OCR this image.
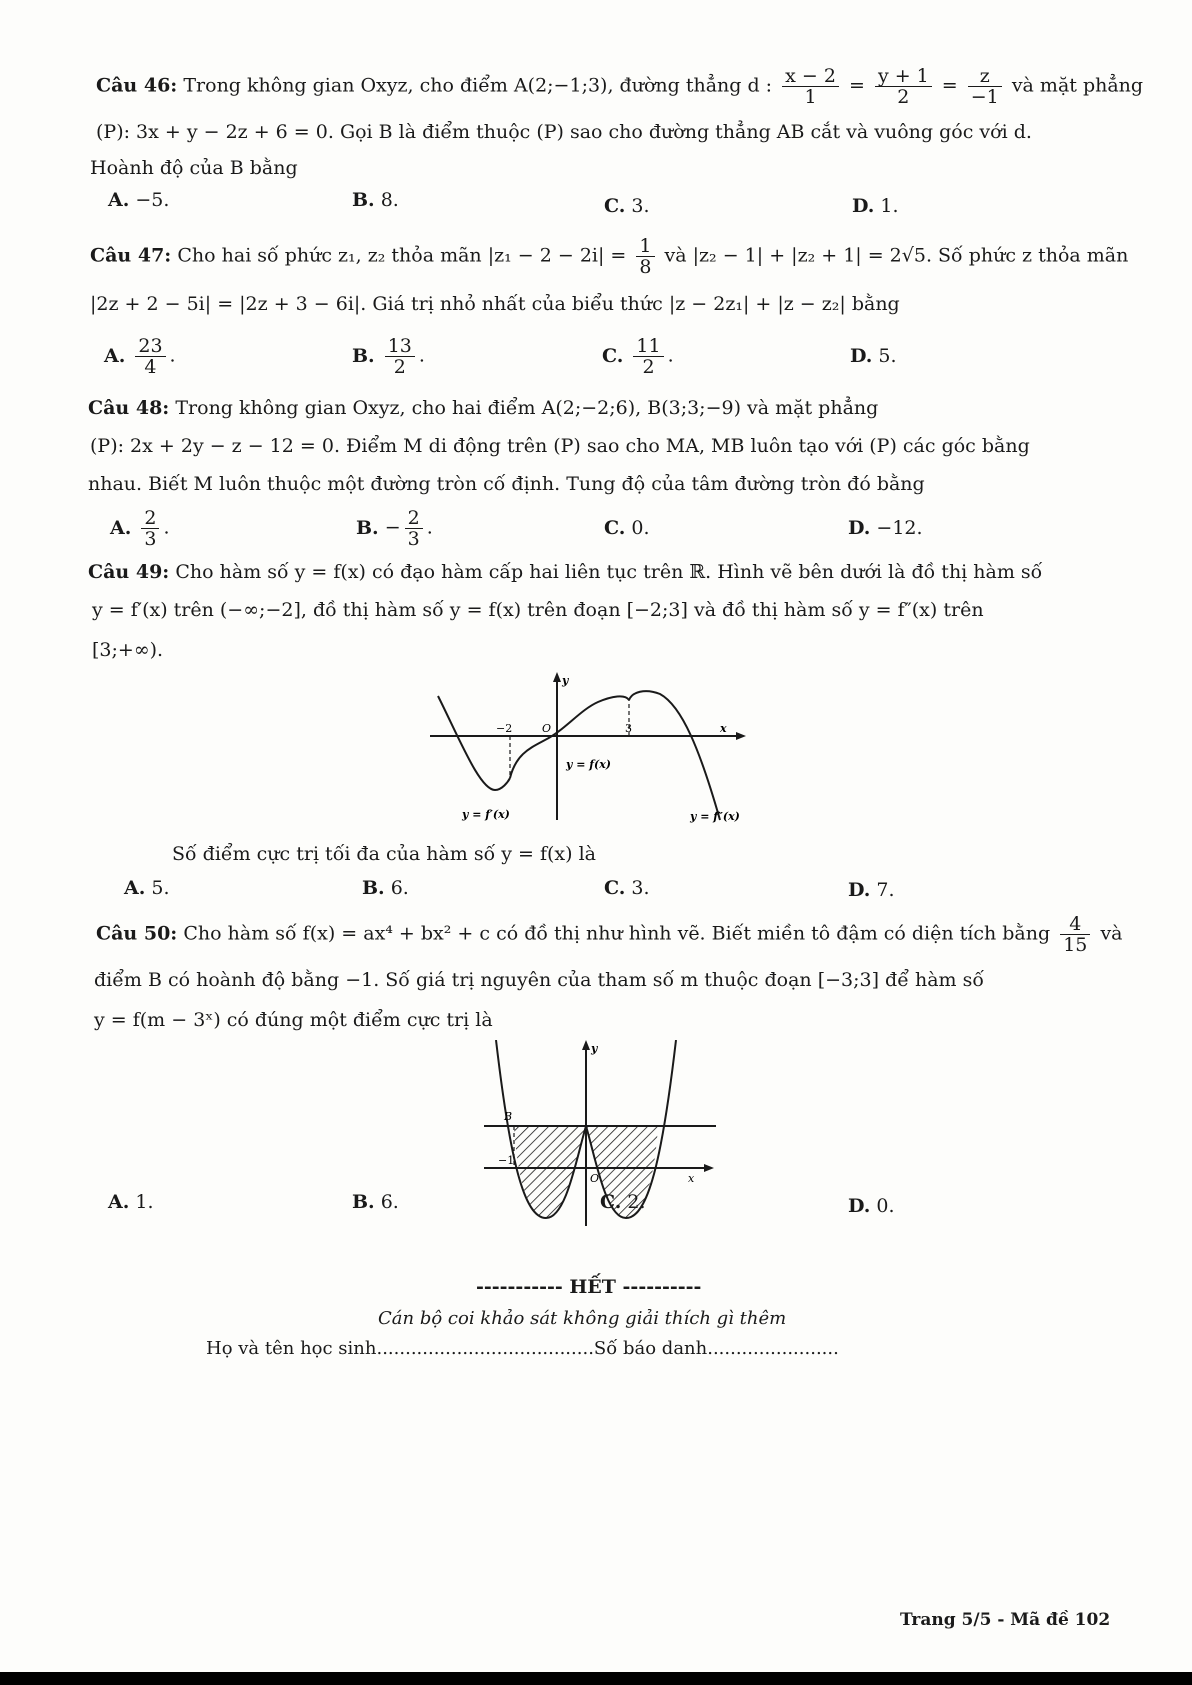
Câu 46: Trong không gian Oxyz, cho điểm A(2;−1;3), đường thẳng d : $\frac{x - 2}{1} = \frac{y + 1}{2} = \frac{z}{-1}$ và mặt phẳng
(P): 3x + y − 2z + 6 = 0. Gọi B là điểm thuộc (P) sao cho đường thẳng AB cắt và vuông góc với d.
Hoành độ của B bằng
A. −5.	B. 8.	C. 3.	D. 1.
Câu 47: Cho hai số phức z₁, z₂ thỏa mãn $|z_1 - 2 - 2i| = \frac{1}{8}$ và |z₂ − 1| + |z₂ + 1| = 2√5. Số phức z thỏa mãn
|2z + 2 − 5i| = |2z + 3 − 6i|. Giá trị nhỏ nhất của biểu thức |z − 2z₁| + |z − z₂| bằng
A. $\frac{23}{4}$ .	B. $\frac{13}{2}$ .	C. $\frac{11}{2}$ .	D. 5.
Câu 48: Trong không gian Oxyz, cho hai điểm A(2;−2;6), B(3;3;−9) và mặt phẳng
(P): 2x + 2y − z − 12 = 0. Điểm M di động trên (P) sao cho MA, MB luôn tạo với (P) các góc bằng
nhau. Biết M luôn thuộc một đường tròn cố định. Tung độ của tâm đường tròn đó bằng
A. $\frac{2}{3}$ .	B. − $\frac{2}{3}$ .	C. 0.	D. −12.
Câu 49: Cho hàm số y = f(x) có đạo hàm cấp hai liên tục trên ℝ. Hình vẽ bên dưới là đồ thị hàm số
y = f′(x) trên (−∞;−2], đồ thị hàm số y = f(x) trên đoạn [−2;3] và đồ thị hàm số y = f″(x) trên
[3;+∞).
y
x
O
−2	3
y = f(x)
y = f′(x)	y = f″(x)
Số điểm cực trị tối đa của hàm số y = f(x) là
A. 5.	B. 6.	C. 3.	D. 7.
Câu 50: Cho hàm số f(x) = ax⁴ + bx² + c có đồ thị như hình vẽ. Biết miền tô đậm có diện tích bằng $\frac{4}{15}$ và
điểm B có hoành độ bằng −1. Số giá trị nguyên của tham số m thuộc đoạn [−3;3] để hàm số
y = f(m − 3ˣ) có đúng một điểm cực trị là
y
x
O
B
−1
A. 1.	B. 6.	C. 2.	D. 0.
----------- HẾT ----------
Cán bộ coi khảo sát không giải thích gì thêm
Họ và tên học sinh......................................Số báo danh.......................
Trang 5/5 - Mã đề 102
